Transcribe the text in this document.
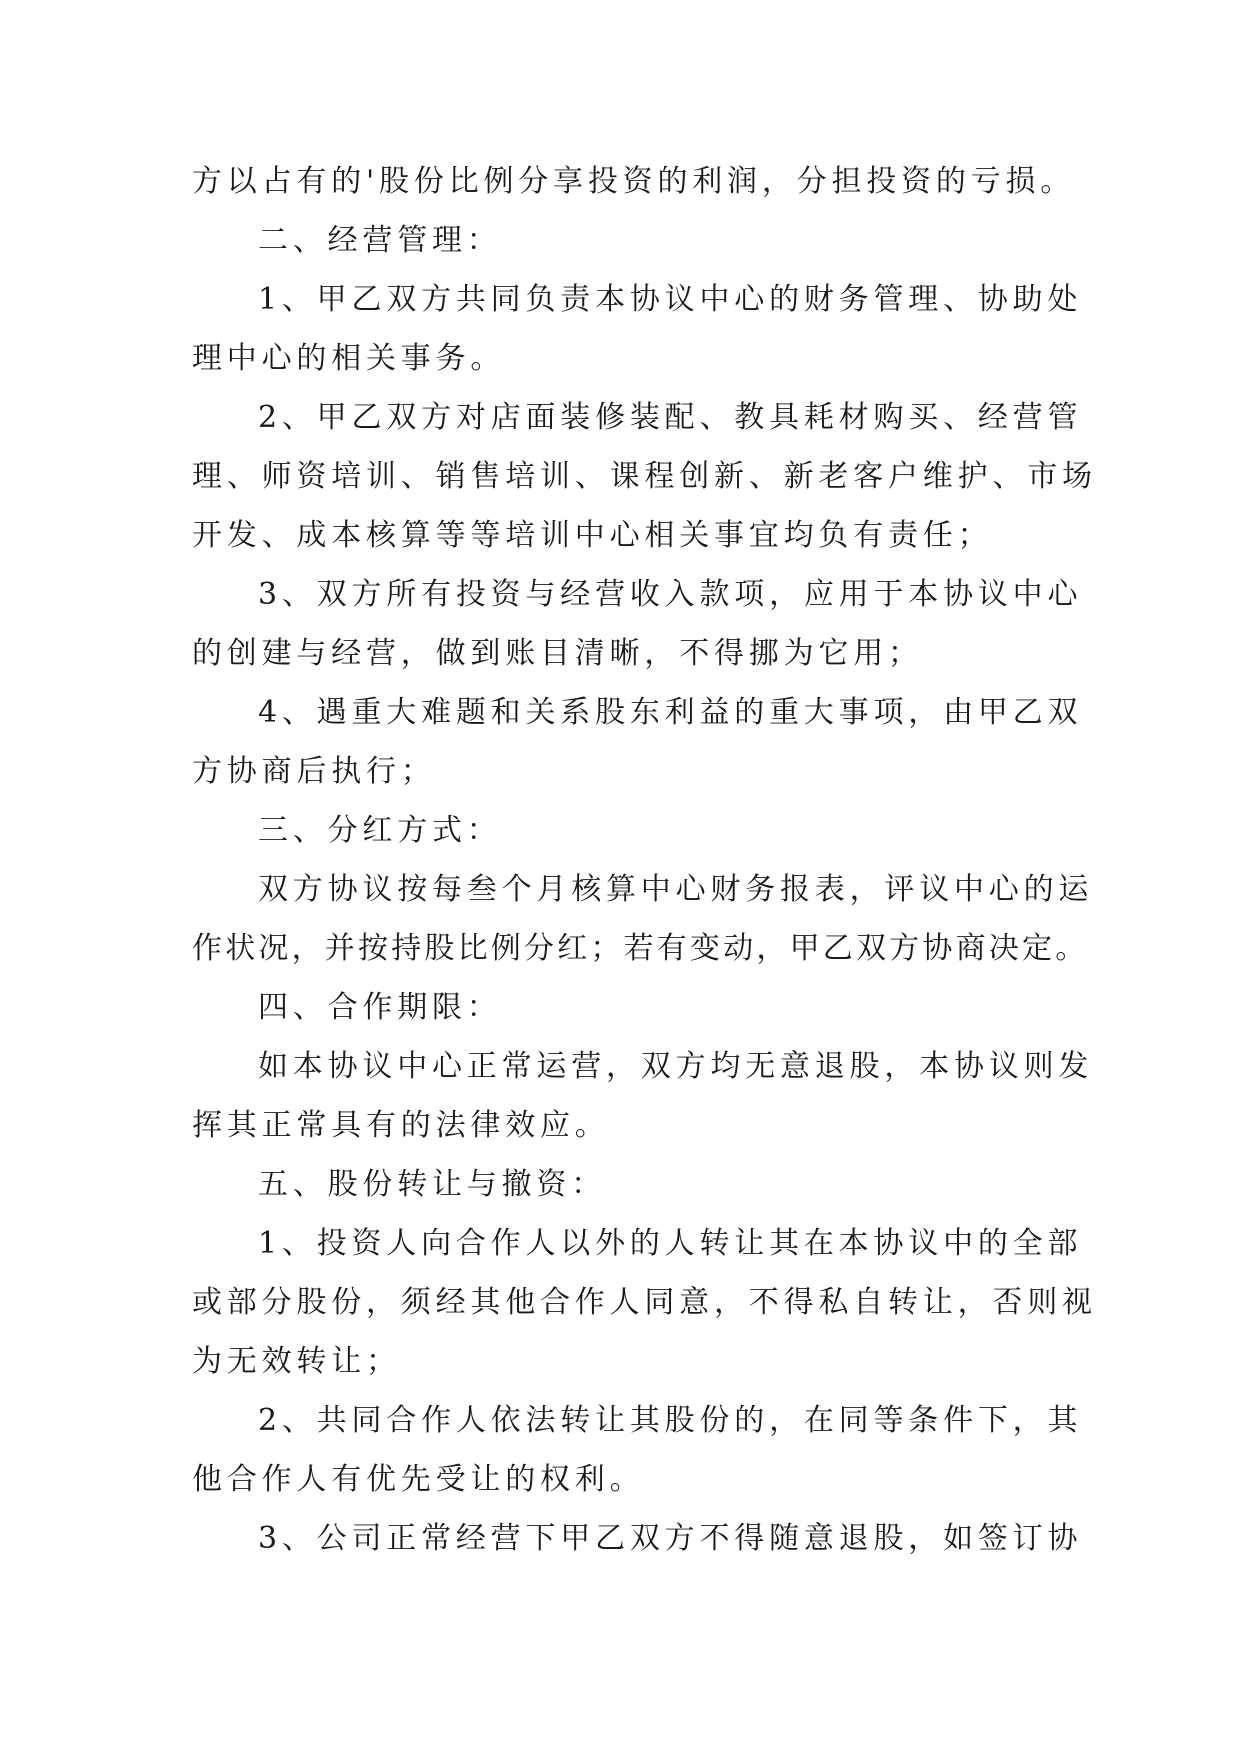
方以占有的'股份比例分享投资的利润，分担投资的亏损。
二、经营管理：
1、甲乙双方共同负责本协议中心的财务管理、协助处
理中心的相关事务。
2、甲乙双方对店面装修装配、教具耗材购买、经营管
理、师资培训、销售培训、课程创新、新老客户维护、市场
开发、成本核算等等培训中心相关事宜均负有责任；
3、双方所有投资与经营收入款项，应用于本协议中心
的创建与经营，做到账目清晰，不得挪为它用；
4、遇重大难题和关系股东利益的重大事项，由甲乙双
方协商后执行；
三、分红方式：
双方协议按每叁个月核算中心财务报表，评议中心的运
作状况，并按持股比例分红；若有变动，甲乙双方协商决定。
四、合作期限：
如本协议中心正常运营，双方均无意退股，本协议则发
挥其正常具有的法律效应。
五、股份转让与撤资：
1、投资人向合作人以外的人转让其在本协议中的全部
或部分股份，须经其他合作人同意，不得私自转让，否则视
为无效转让；
2、共同合作人依法转让其股份的，在同等条件下，其
他合作人有优先受让的权利。
3、公司正常经营下甲乙双方不得随意退股，如签订协
